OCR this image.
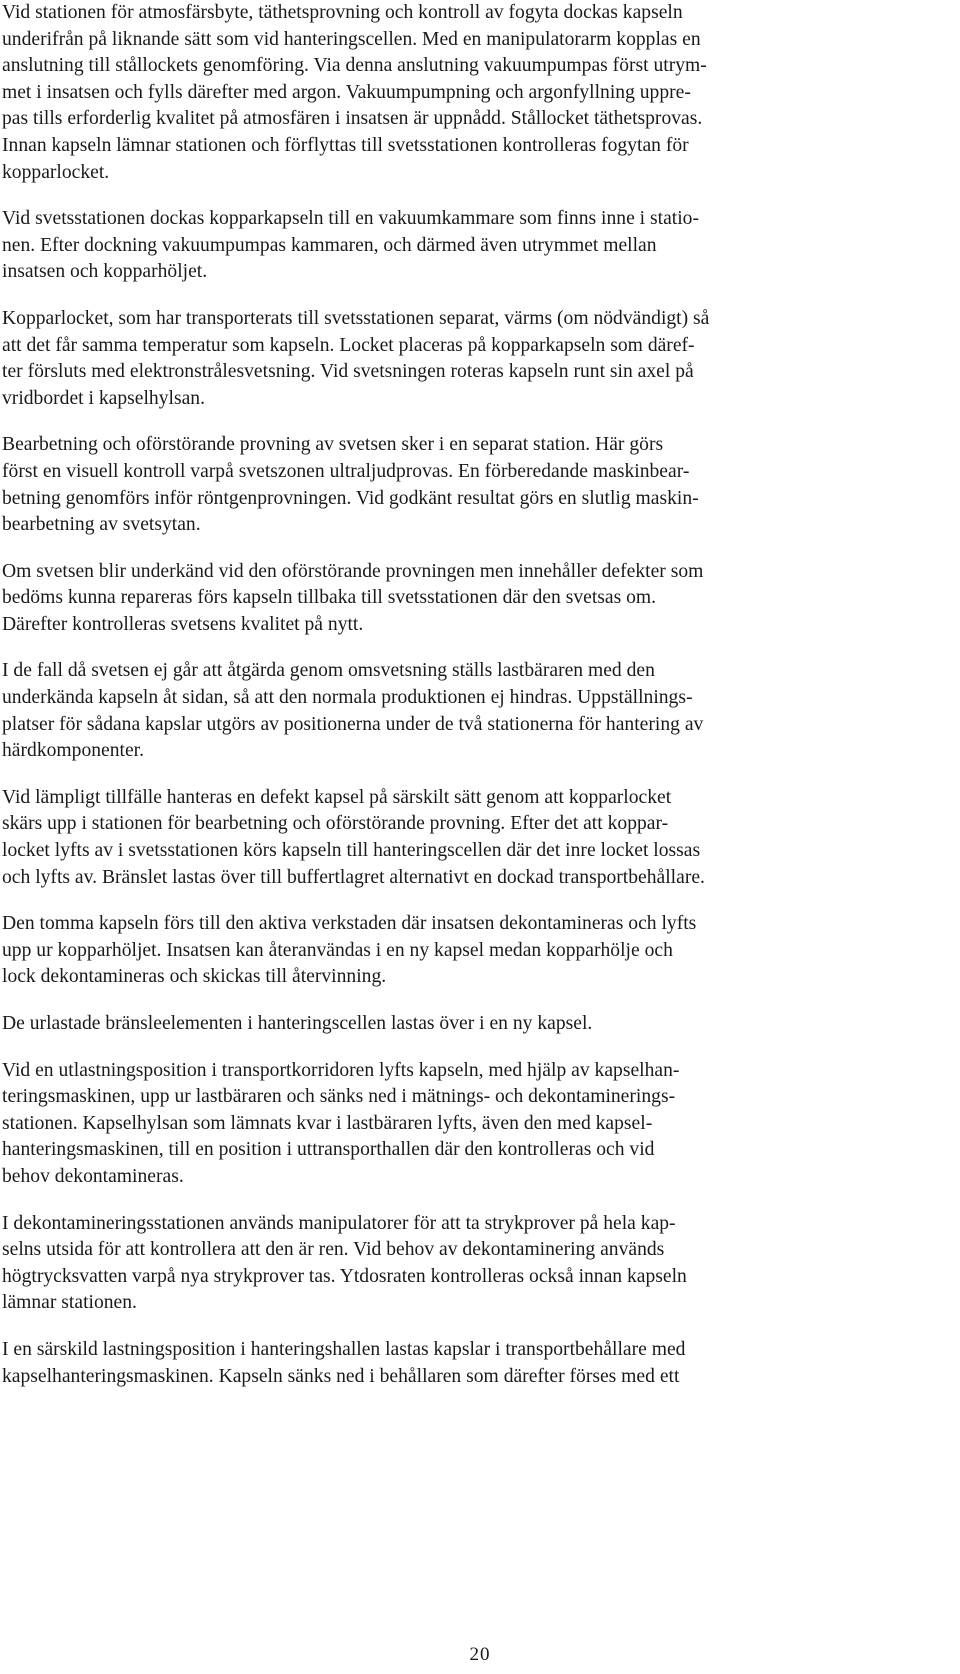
Vid stationen för atmosfärsbyte, täthetsprovning och kontroll av fogyta dockas kapseln
underifrån på liknande sätt som vid hanteringscellen. Med en manipulatorarm kopplas en
anslutning till stållockets genomföring. Via denna anslutning vakuumpumpas först utrym-
met i insatsen och fylls därefter med argon. Vakuumpumpning och argonfyllning uppre-
pas tills erforderlig kvalitet på atmosfären i insatsen är uppnådd. Stållocket täthetsprovas.
Innan kapseln lämnar stationen och förflyttas till svetsstationen kontrolleras fogytan för
kopparlocket.

Vid svetsstationen dockas kopparkapseln till en vakuumkammare som finns inne i statio-
nen. Efter dockning vakuumpumpas kammaren, och därmed även utrymmet mellan
insatsen och kopparhöljet.

Kopparlocket, som har transporterats till svetsstationen separat, värms (om nödvändigt) så
att det får samma temperatur som kapseln. Locket placeras på kopparkapseln som däref-
ter försluts med elektronstrålesvetsning. Vid svetsningen roteras kapseln runt sin axel på
vridbordet i kapselhylsan.

Bearbetning och oförstörande provning av svetsen sker i en separat station. Här görs
först en visuell kontroll varpå svetszonen ultraljudprovas. En förberedande maskinbear-
betning genomförs inför röntgenprovningen. Vid godkänt resultat görs en slutlig maskin-
bearbetning av svetsytan.

Om svetsen blir underkänd vid den oförstörande provningen men innehåller defekter som
bedöms kunna repareras förs kapseln tillbaka till svetsstationen där den svetsas om.
Därefter kontrolleras svetsens kvalitet på nytt.

I de fall då svetsen ej går att åtgärda genom omsvetsning ställs lastbäraren med den
underkända kapseln åt sidan, så att den normala produktionen ej hindras. Uppställnings-
platser för sådana kapslar utgörs av positionerna under de två stationerna för hantering av
härdkomponenter.

Vid lämpligt tillfälle hanteras en defekt kapsel på särskilt sätt genom att kopparlocket
skärs upp i stationen för bearbetning och oförstörande provning. Efter det att koppar-
locket lyfts av i svetsstationen körs kapseln till hanteringscellen där det inre locket lossas
och lyfts av. Bränslet lastas över till buffertlagret alternativt en dockad transportbehållare.

Den tomma kapseln förs till den aktiva verkstaden där insatsen dekontamineras och lyfts
upp ur kopparhöljet. Insatsen kan återanvändas i en ny kapsel medan kopparhölje och
lock dekontamineras och skickas till återvinning.

De urlastade bränsleelementen i hanteringscellen lastas över i en ny kapsel.

Vid en utlastningsposition i transportkorridoren lyfts kapseln, med hjälp av kapselhan-
teringsmaskinen, upp ur lastbäraren och sänks ned i mätnings- och dekontaminerings-
stationen. Kapselhylsan som lämnats kvar i lastbäraren lyfts, även den med kapsel-
hanteringsmaskinen, till en position i uttransporthallen där den kontrolleras och vid
behov dekontamineras.

I dekontamineringsstationen används manipulatorer för att ta strykprover på hela kap-
selns utsida för att kontrollera att den är ren. Vid behov av dekontaminering används
högtrycksvatten varpå nya strykprover tas. Ytdosraten kontrolleras också innan kapseln
lämnar stationen.

I en särskild lastningsposition i hanteringshallen lastas kapslar i transportbehållare med
kapselhanteringsmaskinen. Kapseln sänks ned i behållaren som därefter förses med ett

20
